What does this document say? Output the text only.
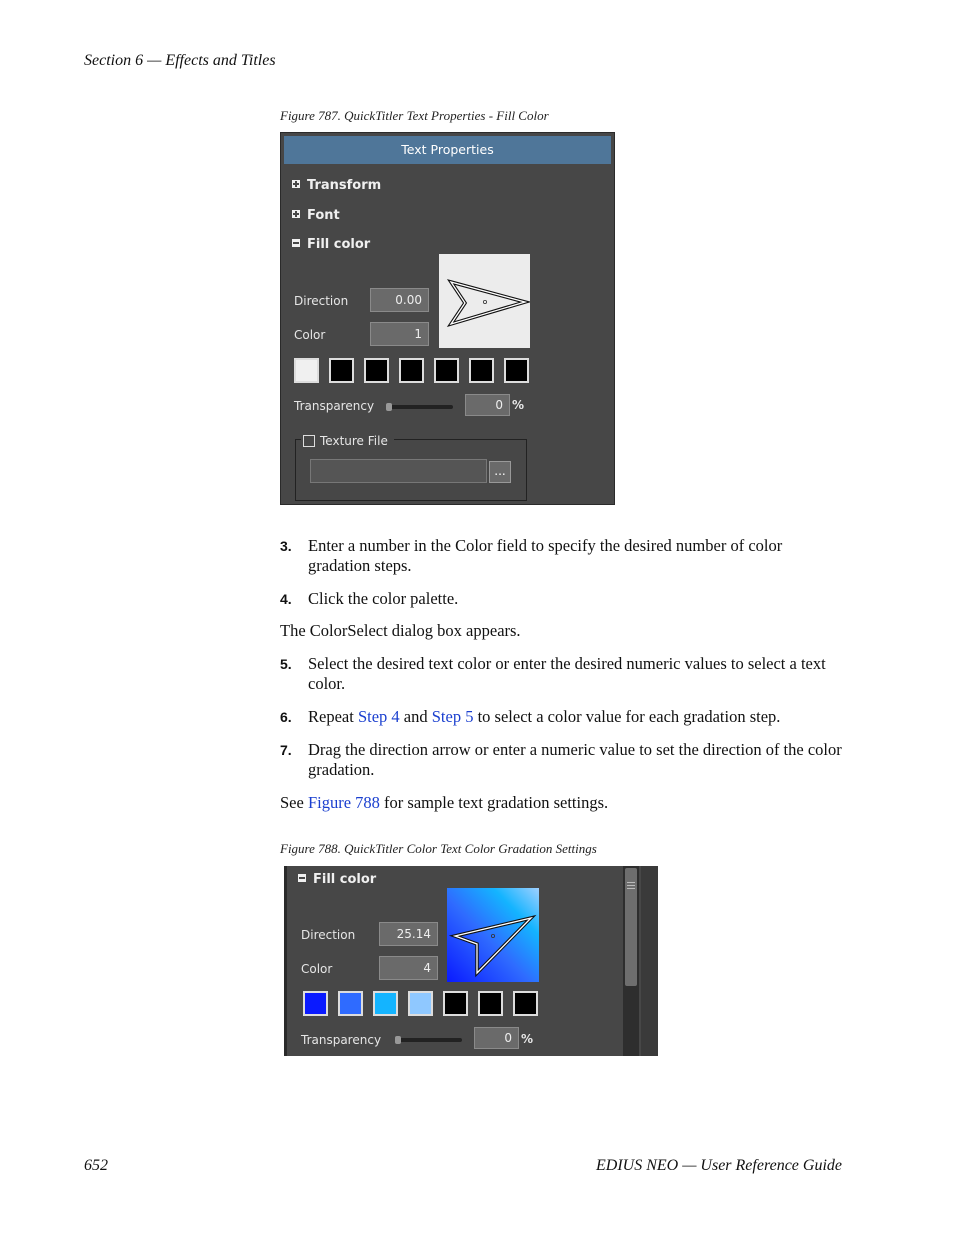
Section 6 — Effects and Titles
Figure 787. QuickTitler Text Properties - Fill Color
Text Properties
Transform
Font
Fill color
Direction	0.00
Color	1
Transparency	0 %
Texture File
...
3. Enter a number in the Color field to specify the desired number of color gradation steps.
4. Click the color palette.
The ColorSelect dialog box appears.
5. Select the desired text color or enter the desired numeric values to select a text color.
6. Repeat Step 4 and Step 5 to select a color value for each gradation step.
7. Drag the direction arrow or enter a numeric value to set the direction of the color gradation.
See Figure 788 for sample text gradation settings.
Figure 788. QuickTitler Color Text Color Gradation Settings
Fill color
Direction	25.14
Color	4
Transparency	0 %
652	EDIUS NEO — User Reference Guide
